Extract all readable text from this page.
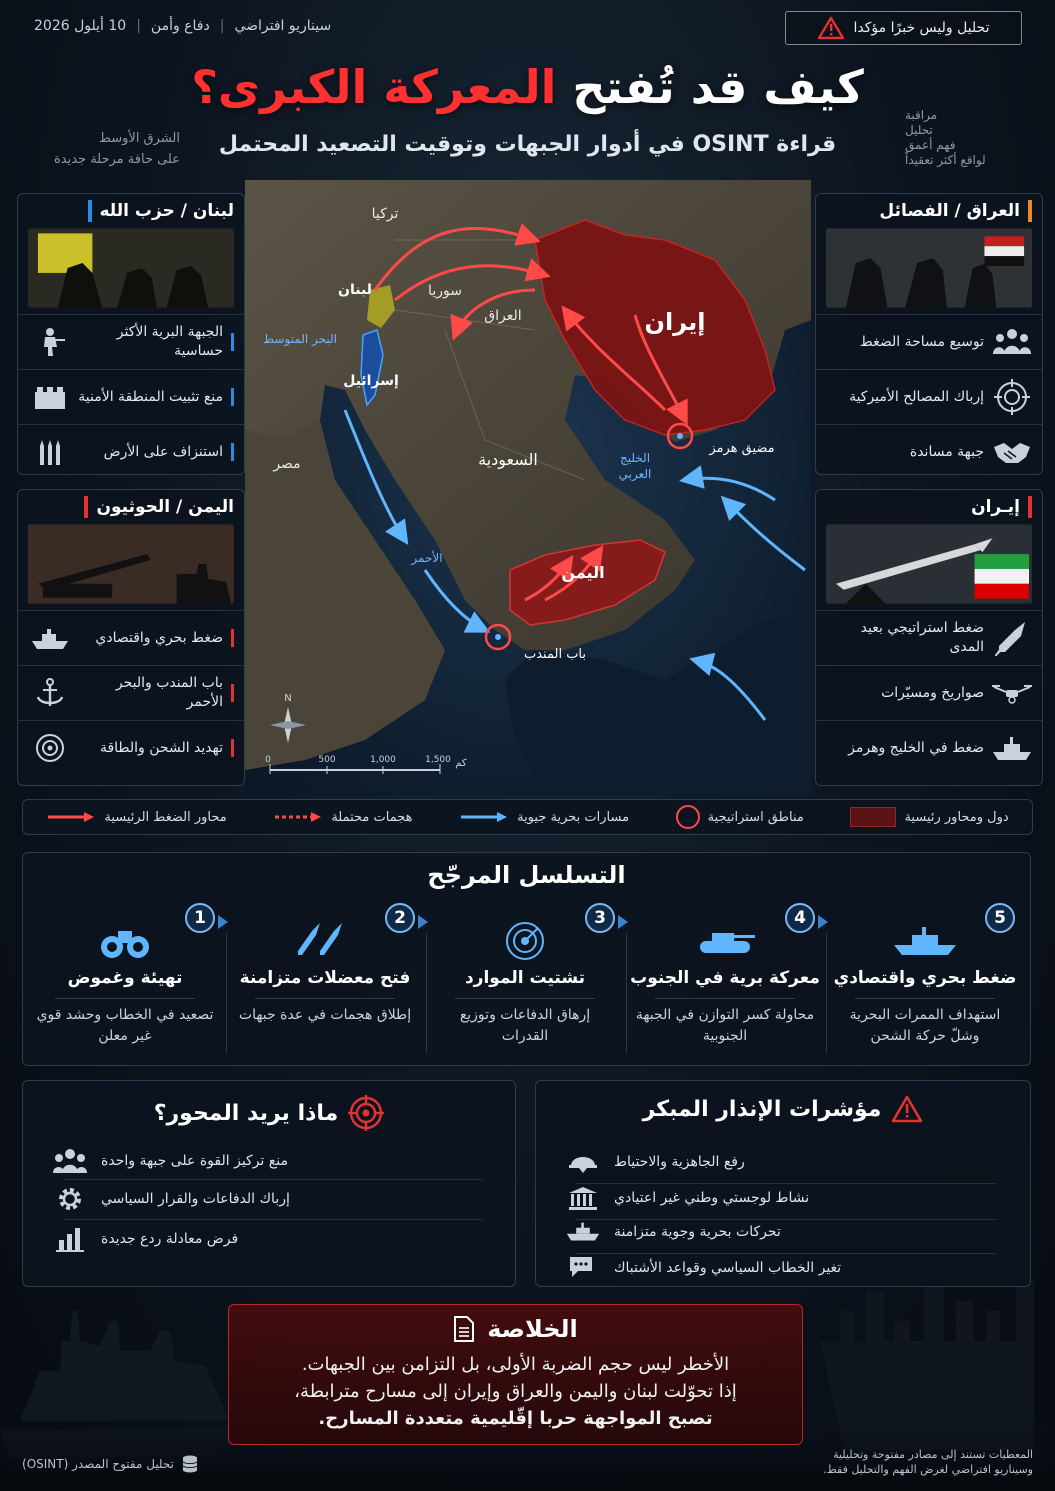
سيناريو افتراضي
|
دفاع وأمن
|
10 أيلول 2026	تحليل وليس خبرًا مؤكدا
كيف قد تُفتح المعركة الكبرى؟
قراءة OSINT في أدوار الجبهات وتوقيت التصعيد المحتمل
الشرق الأوسط
على حافة مرحلة جديدة
مراقبة
تحليل
فهم أعمق
لواقع أكثر تعقيداً
تركيا
سوريا
لبنان
العراق	إيران
البحر المتوسط
إسرائيل
مصر	السعودية	الخليج
العربي
مضيق هرمز
الأحمر
اليمن
باب المندب
N
0	500	1,000	1,500 كم
لبنان / حزب الله
الجبهة البرية الأكثر حساسية
منع تثبيت المنطقة الأمنية
استنزاف على الأرض
اليمن / الحوثيون
ضغط بحري واقتصادي
باب المندب والبحر الأحمر
تهديد الشحن والطاقة
العراق / الفصائل
توسيع مساحة الضغط
إرباك المصالح الأميركية
جبهة مساندة
إيـران
ضغط استراتيجي بعيد المدى
صواريخ ومسيّرات
ضغط في الخليج وهرمز
دول ومحاور رئيسية
مناطق استراتيجية
مسارات بحرية جيوية
هجمات محتملة
محاور الضغط الرئيسية
التسلسل المرجّح
5
ضغط بحري واقتصادي
استهداف الممرات البحرية وشلّ حركة الشحن
4
معركة برية في الجنوب
محاولة كسر التوازن في الجبهة الجنوبية
3
تشتيت الموارد
إرهاق الدفاعات وتوزيع القدرات
2
فتح معضلات متزامنة
إطلاق هجمات في عدة جبهات
1
تهيئة وغموض
تصعيد في الخطاب وحشد قوي غير معلن
مؤشرات الإنذار المبكر
رفع الجاهزية والاحتياط
نشاط لوجستي وطني غير اعتيادي
تحركات بحرية وجوية متزامنة
تغير الخطاب السياسي وقواعد الأشتباك
ماذا يريد المحور؟
منع تركيز القوة على جبهة واحدة
إرباك الدفاعات والقرار السياسي
فرض معادلة ردع جديدة
الخلاصة
الأخطر ليس حجم الضربة الأولى، بل التزامن بين الجبهات.
إذا تحوّلت لبنان واليمن والعراق وإيران إلى مسارح مترابطة،
تصبح المواجهة حربا إقّليمية متعددة المسارح.
تحليل مفتوح المصدر (OSINT)
المعطيات تستند إلى مصادر مفتوحة وتحليلية
وسيناريو افتراضي لغرض الفهم والتحليل فقط.
